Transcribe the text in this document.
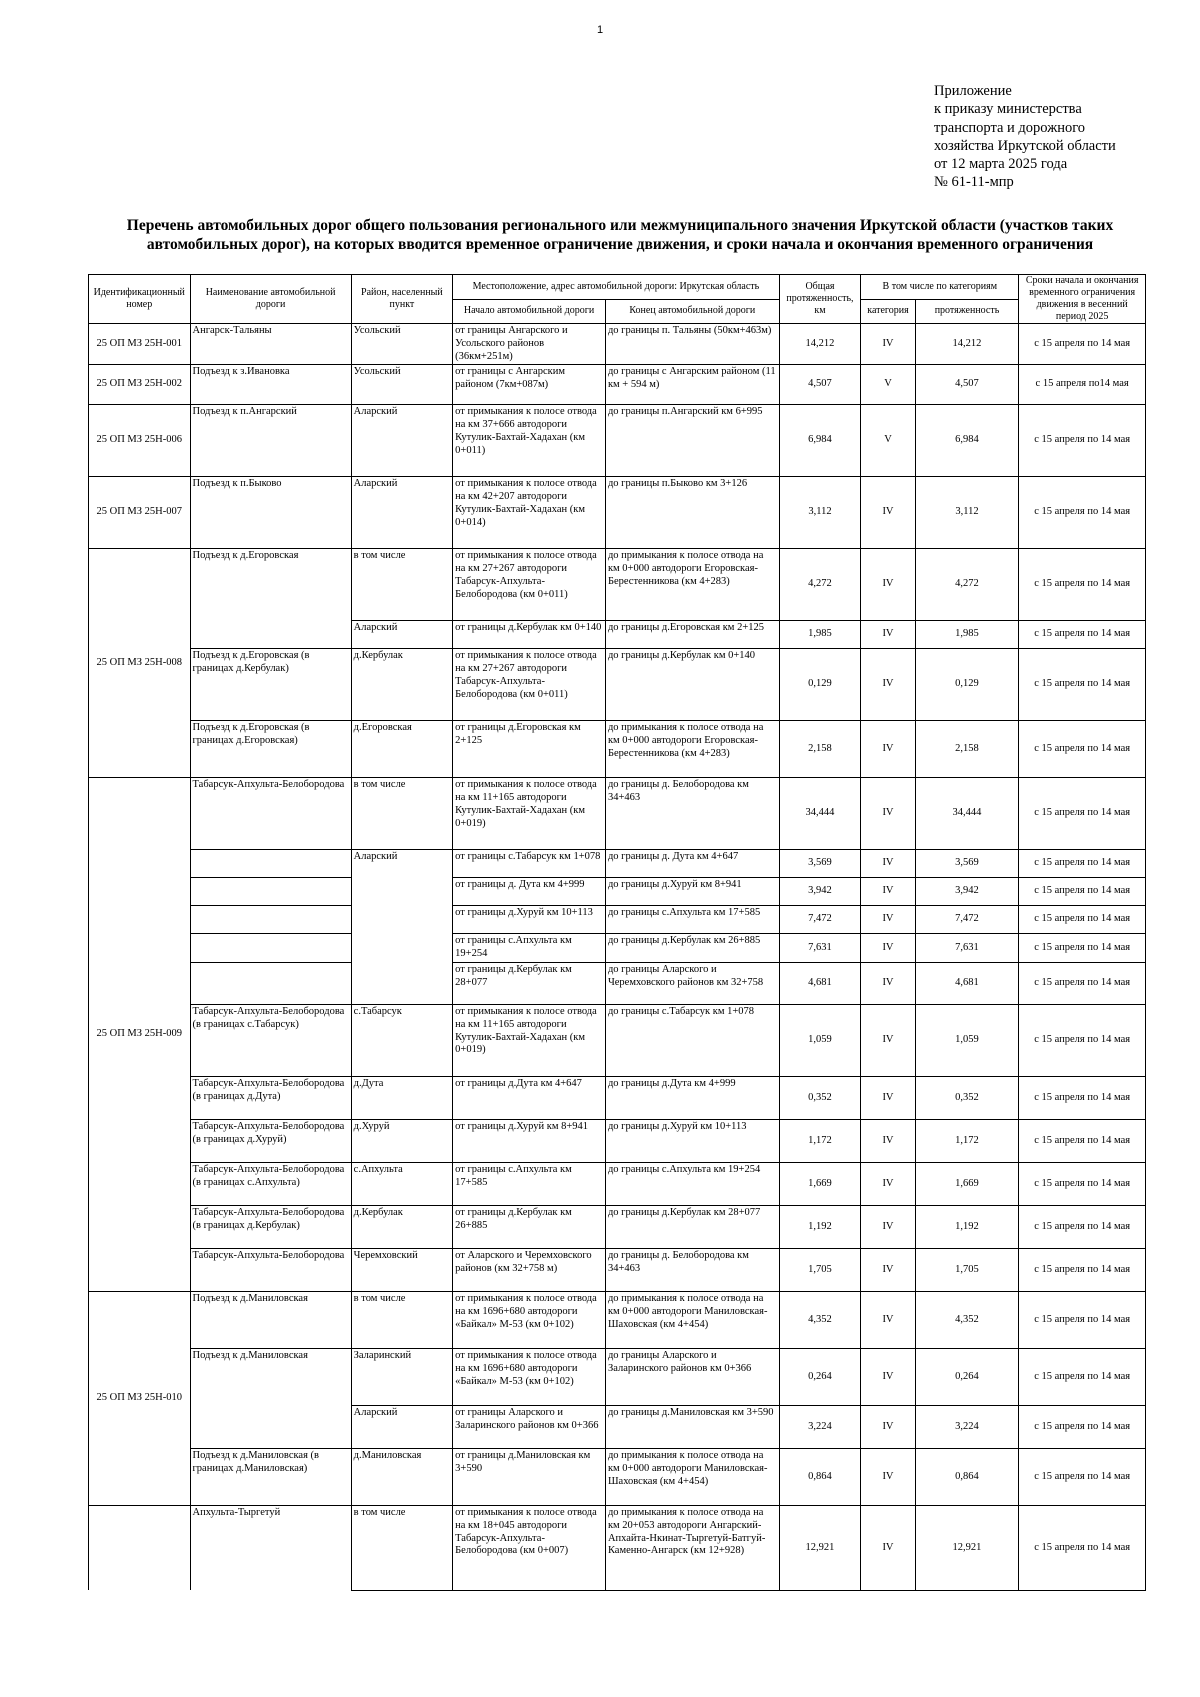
1
Приложение
к приказу министерства
транспорта и дорожного
хозяйства Иркутской области
от 12 марта 2025 года
№ 61-11-мпр
Перечень автомобильных дорог общего пользования регионального или межмуниципального значения Иркутской области (участков таких
автомобильных дорог), на которых вводится временное ограничение движения, и сроки начала и окончания временного ограничения
Идентификационный номер	Наименование автомобильной дороги	Район, населенный пункт	Местоположение, адрес автомобильной дороги: Иркутская область		Общая протяженность, км	В том числе по категориям		Сроки начала и окончания временного ограничения движения в весенний период 2025
			Начало автомобильной дороги	Конец автомобильной дороги		категория	протяженность	
25 ОП МЗ 25Н-001	Ангарск-Тальяны	Усольский	от границы Ангарского и Усольского районов (36км+251м)	до границы п. Тальяны (50км+463м)	14,212	IV	14,212	с 15 апреля по 14 мая
25 ОП МЗ 25Н-002	Подъезд к з.Ивановка	Усольский	от границы с Ангарским районом (7км+087м)	до границы с Ангарским районом (11 км + 594 м)	4,507	V	4,507	с 15 апреля по14 мая
25 ОП МЗ 25Н-006	Подъезд к п.Ангарский	Аларский	от примыкания к полосе отвода на км 37+666 автодороги Кутулик-Бахтай-Хадахан (км 0+011)	до границы п.Ангарский км 6+995	6,984	V	6,984	с 15 апреля по 14 мая
25 ОП МЗ 25Н-007	Подъезд к п.Быково	Аларский	от примыкания к полосе отвода на км 42+207 автодороги Кутулик-Бахтай-Хадахан (км 0+014)	до границы п.Быково км 3+126	3,112	IV	3,112	с 15 апреля по 14 мая
25 ОП МЗ 25Н-008	Подъезд к д.Егоровская	в том числе	от примыкания к полосе отвода на км 27+267 автодороги Табарсук-Апхульта-Белобородова (км 0+011)	до примыкания к полосе отвода на км 0+000 автодороги Егоровская-Берестенникова (км 4+283)	4,272	IV	4,272	с 15 апреля по 14 мая
		Аларский	от границы д.Кербулак км 0+140	до границы д.Егоровская км 2+125	1,985	IV	1,985	с 15 апреля по 14 мая
	Подъезд к д.Егоровская (в границах д.Кербулак)	д.Кербулак	от примыкания к полосе отвода на км 27+267 автодороги Табарсук-Апхульта-Белобородова (км 0+011)	до границы д.Кербулак км 0+140	0,129	IV	0,129	с 15 апреля по 14 мая
	Подъезд к д.Егоровская (в границах д.Егоровская)	д.Егоровская	от границы д.Егоровская км 2+125	до примыкания к полосе отвода на км 0+000 автодороги Егоровская-Берестенникова (км 4+283)	2,158	IV	2,158	с 15 апреля по 14 мая
25 ОП МЗ 25Н-009	Табарсук-Апхульта-Белобородова	в том числе	от примыкания к полосе отвода на км 11+165 автодороги Кутулик-Бахтай-Хадахан (км 0+019)	до границы д. Белобородова км 34+463	34,444	IV	34,444	с 15 апреля по 14 мая
		Аларский	от границы с.Табарсук км 1+078	до границы д. Дута км 4+647	3,569	IV	3,569	с 15 апреля по 14 мая
			от границы д. Дута км 4+999	до границы д.Хуруй км 8+941	3,942	IV	3,942	с 15 апреля по 14 мая
			от границы д.Хуруй км 10+113	до границы с.Апхульта км 17+585	7,472	IV	7,472	с 15 апреля по 14 мая
			от границы с.Апхульта км 19+254	до границы д.Кербулак км 26+885	7,631	IV	7,631	с 15 апреля по 14 мая
			от границы д.Кербулак км 28+077	до границы Аларского и Черемховского районов км 32+758	4,681	IV	4,681	с 15 апреля по 14 мая
	Табарсук-Апхульта-Белобородова (в границах с.Табарсук)	с.Табарсук	от примыкания к полосе отвода на км 11+165 автодороги Кутулик-Бахтай-Хадахан (км 0+019)	до границы с.Табарсук км 1+078	1,059	IV	1,059	с 15 апреля по 14 мая
	Табарсук-Апхульта-Белобородова (в границах д.Дута)	д.Дута	от границы д.Дута км 4+647	до границы д.Дута км 4+999	0,352	IV	0,352	с 15 апреля по 14 мая
	Табарсук-Апхульта-Белобородова (в границах д.Хуруй)	д.Хуруй	от границы д.Хуруй км 8+941	до границы д.Хуруй км 10+113	1,172	IV	1,172	с 15 апреля по 14 мая
	Табарсук-Апхульта-Белобородова (в границах с.Апхульта)	с.Апхульта	от границы с.Апхульта км 17+585	до границы с.Апхульта км 19+254	1,669	IV	1,669	с 15 апреля по 14 мая
	Табарсук-Апхульта-Белобородова (в границах д.Кербулак)	д.Кербулак	от границы д.Кербулак км 26+885	до границы д.Кербулак км 28+077	1,192	IV	1,192	с 15 апреля по 14 мая
	Табарсук-Апхульта-Белобородова	Черемховский	от Аларского и Черемховского районов (км 32+758 м)	до границы д. Белобородова км 34+463	1,705	IV	1,705	с 15 апреля по 14 мая
25 ОП МЗ 25Н-010	Подъезд к д.Маниловская	в том числе	от примыкания к полосе отвода на км 1696+680 автодороги «Байкал» М-53 (км 0+102)	до примыкания к полосе отвода на км 0+000 автодороги Маниловская-Шаховская (км 4+454)	4,352	IV	4,352	с 15 апреля по 14 мая
	Подъезд к д.Маниловская	Заларинский	от примыкания к полосе отвода на км 1696+680 автодороги «Байкал» М-53 (км 0+102)	до границы Аларского и Заларинского районов км 0+366	0,264	IV	0,264	с 15 апреля по 14 мая
		Аларский	от границы Аларского и Заларинского районов км 0+366	до границы д.Маниловская км 3+590	3,224	IV	3,224	с 15 апреля по 14 мая
	Подъезд к д.Маниловская (в границах д.Маниловская)	д.Маниловская	от границы д.Маниловская км 3+590	до примыкания к полосе отвода на км 0+000 автодороги Маниловская-Шаховская (км 4+454)	0,864	IV	0,864	с 15 апреля по 14 мая
	Апхульта-Тыргетуй	в том числе	от примыкания к полосе отвода на км 18+045 автодороги Табарсук-Апхульта-Белобородова (км 0+007)	до примыкания к полосе отвода на км 20+053 автодороги Ангарский-Апхайта-Нкинат-Тыргетуй-Батгуй-Каменно-Ангарск (км 12+928)	12,921	IV	12,921	с 15 апреля по 14 мая
